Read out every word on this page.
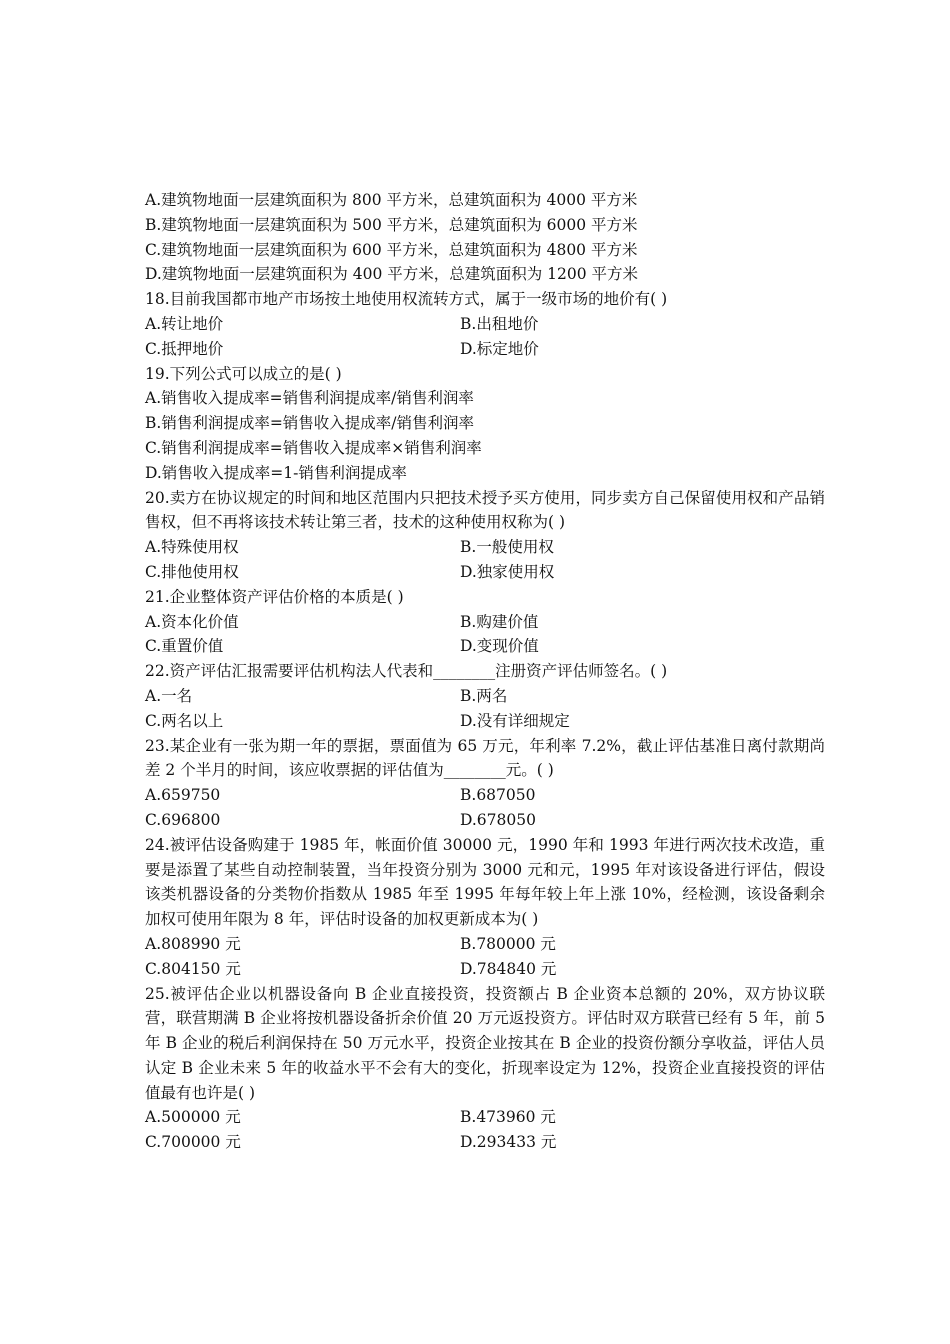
A.建筑物地面一层建筑面积为 800 平方米，总建筑面积为 4000 平方米
B.建筑物地面一层建筑面积为 500 平方米，总建筑面积为 6000 平方米
C.建筑物地面一层建筑面积为 600 平方米，总建筑面积为 4800 平方米
D.建筑物地面一层建筑面积为 400 平方米，总建筑面积为 1200 平方米
18.目前我国都市地产市场按土地使用权流转方式，属于一级市场的地价有( )
A.转让地价	B.出租地价
C.抵押地价	D.标定地价
19.下列公式可以成立的是( )
A.销售收入提成率=销售利润提成率/销售利润率
B.销售利润提成率=销售收入提成率/销售利润率
C.销售利润提成率=销售收入提成率×销售利润率
D.销售收入提成率=1-销售利润提成率
20.卖方在协议规定的时间和地区范围内只把技术授予买方使用，同步卖方自己保留使用权和产品销售权，但不再将该技术转让第三者，技术的这种使用权称为( )
A.特殊使用权	B.一般使用权
C.排他使用权	D.独家使用权
21.企业整体资产评估价格的本质是( )
A.资本化价值	B.购建价值
C.重置价值	D.变现价值
22.资产评估汇报需要评估机构法人代表和________注册资产评估师签名。( )
A.一名	B.两名
C.两名以上	D.没有详细规定
23.某企业有一张为期一年的票据，票面值为 65 万元，年利率 7.2%，截止评估基准日离付款期尚差 2 个半月的时间，该应收票据的评估值为________元。( )
A.659750	B.687050
C.696800	D.678050
24.被评估设备购建于 1985 年，帐面价值 30000 元，1990 年和 1993 年进行两次技术改造，重要是添置了某些自动控制装置，当年投资分别为 3000 元和元，1995 年对该设备进行评估，假设该类机器设备的分类物价指数从 1985 年至 1995 年每年较上年上涨 10%，经检测，该设备剩余加权可使用年限为 8 年，评估时设备的加权更新成本为( )
A.808990 元	B.780000 元
C.804150 元	D.784840 元
25.被评估企业以机器设备向 B 企业直接投资，投资额占 B 企业资本总额的 20%，双方协议联营，联营期满 B 企业将按机器设备折余价值 20 万元返投资方。评估时双方联营已经有 5 年，前 5 年 B 企业的税后利润保持在 50 万元水平，投资企业按其在 B 企业的投资份额分享收益，评估人员认定 B 企业未来 5 年的收益水平不会有大的变化，折现率设定为 12%，投资企业直接投资的评估值最有也许是( )
A.500000 元	B.473960 元
C.700000 元	D.293433 元
